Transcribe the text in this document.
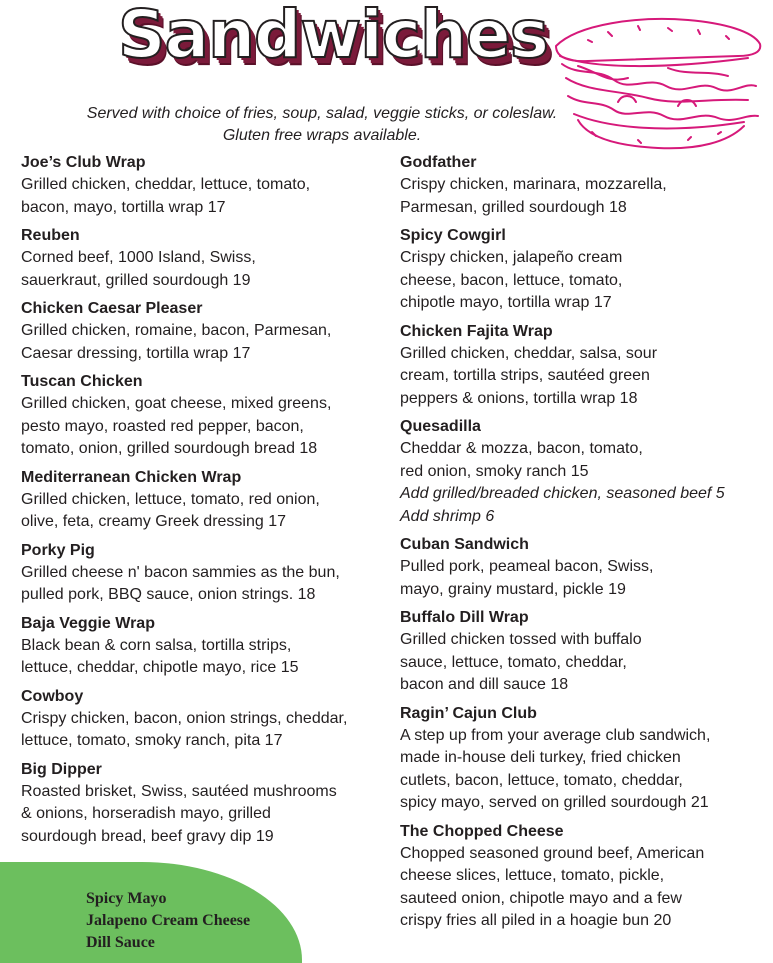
Sandwiches
Served with choice of fries, soup, salad, veggie sticks, or coleslaw.
Gluten free wraps available.
Joe’s Club Wrap
Grilled chicken, cheddar, lettuce, tomato,
bacon, mayo, tortilla wrap 17
Reuben
Corned beef, 1000 Island, Swiss,
sauerkraut, grilled sourdough 19
Chicken Caesar Pleaser
Grilled chicken, romaine, bacon, Parmesan,
Caesar dressing, tortilla wrap 17
Tuscan Chicken
Grilled chicken, goat cheese, mixed greens,
pesto mayo, roasted red pepper, bacon,
tomato, onion, grilled sourdough bread 18
Mediterranean Chicken Wrap
Grilled chicken, lettuce, tomato, red onion,
olive, feta, creamy Greek dressing 17
Porky Pig
Grilled cheese n' bacon sammies as the bun,
pulled pork, BBQ sauce, onion strings. 18
Baja Veggie Wrap
Black bean & corn salsa, tortilla strips,
lettuce, cheddar, chipotle mayo, rice 15
Cowboy
Crispy chicken, bacon, onion strings, cheddar,
lettuce, tomato, smoky ranch, pita 17
Big Dipper
Roasted brisket, Swiss, sautéed mushrooms
& onions, horseradish mayo, grilled
sourdough bread, beef gravy dip 19
Godfather
Crispy chicken, marinara, mozzarella,
Parmesan, grilled sourdough 18
Spicy Cowgirl
Crispy chicken, jalapeño cream
cheese, bacon, lettuce, tomato,
chipotle mayo, tortilla wrap 17
Chicken Fajita Wrap
Grilled chicken, cheddar, salsa, sour
cream, tortilla strips, sautéed green
peppers & onions, tortilla wrap 18
Quesadilla
Cheddar & mozza, bacon, tomato,
red onion, smoky ranch 15
Add grilled/breaded chicken, seasoned beef 5
Add shrimp 6
Cuban Sandwich
Pulled pork, peameal bacon, Swiss,
mayo, grainy mustard, pickle 19
Buffalo Dill Wrap
Grilled chicken tossed with buffalo
sauce, lettuce, tomato, cheddar,
bacon and dill sauce 18
Ragin’ Cajun Club
A step up from your average club sandwich,
made in-house deli turkey, fried chicken
cutlets, bacon, lettuce, tomato, cheddar,
spicy mayo, served on grilled sourdough 21
The Chopped Cheese
Chopped seasoned ground beef, American
cheese slices, lettuce, tomato, pickle,
sauteed onion, chipotle mayo and a few
crispy fries all piled in a hoagie bun 20
Spicy Mayo
Jalapeno Cream Cheese
Dill Sauce
